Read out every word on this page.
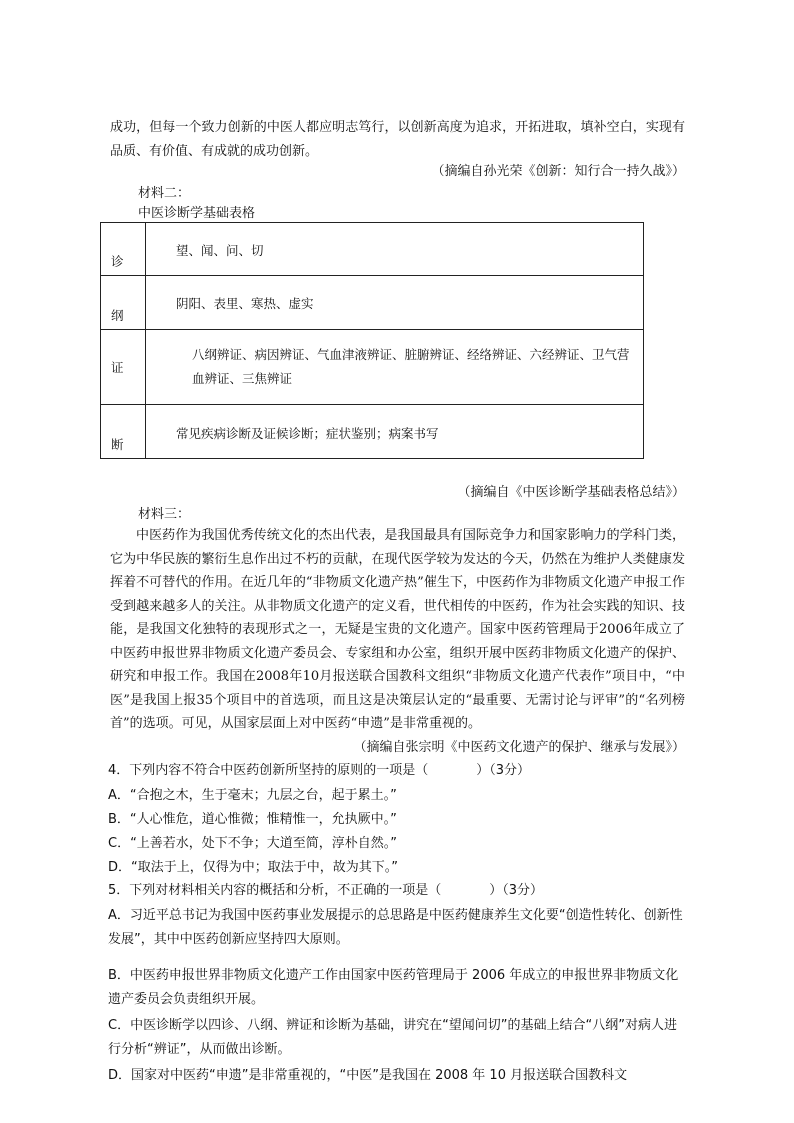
成功，但每一个致力创新的中医人都应明志笃行，以创新高度为追求，开拓进取，填补空白，实现有品质、有价值、有成就的成功创新。

（摘编自孙光荣《创新：知行合一持久战》）

材料二：

中医诊断学基础表格

诊	望、闻、问、切

纲	阴阳、表里、寒热、虚实

证	八纲辨证、病因辨证、气血津液辨证、脏腑辨证、经络辨证、六经辨证、卫气营血辨证、三焦辨证

断	常见疾病诊断及证候诊断；症状鉴别；病案书写

（摘编自《中医诊断学基础表格总结》）

材料三：

中医药作为我国优秀传统文化的杰出代表，是我国最具有国际竞争力和国家影响力的学科门类，它为中华民族的繁衍生息作出过不朽的贡献，在现代医学较为发达的今天，仍然在为维护人类健康发挥着不可替代的作用。在近几年的“非物质文化遗产热”催生下，中医药作为非物质文化遗产申报工作受到越来越多人的关注。从非物质文化遗产的定义看，世代相传的中医药，作为社会实践的知识、技能，是我国文化独特的表现形式之一，无疑是宝贵的文化遗产。国家中医药管理局于2006年成立了中医药申报世界非物质文化遗产委员会、专家组和办公室，组织开展中医药非物质文化遗产的保护、研究和申报工作。我国在2008年10月报送联合国教科文组织“非物质文化遗产代表作”项目中，“中医”是我国上报35个项目中的首选项，而且这是决策层认定的“最重要、无需讨论与评审”的“名列榜首”的选项。可见，从国家层面上对中医药“申遗”是非常重视的。

（摘编自张宗明《中医药文化遗产的保护、继承与发展》）

4．下列内容不符合中医药创新所坚持的原则的一项是（	）（3分）

A．“合抱之木，生于毫末；九层之台，起于累土。”

B．“人心惟危，道心惟微；惟精惟一，允执厥中。”

C．“上善若水，处下不争；大道至简，淳朴自然。”

D．“取法于上，仅得为中；取法于中，故为其下。”

5．下列对材料相关内容的概括和分析，不正确的一项是（	）（3分）

A．习近平总书记为我国中医药事业发展提示的总思路是中医药健康养生文化要“创造性转化、创新性发展”，其中中医药创新应坚持四大原则。

B．中医药申报世界非物质文化遗产工作由国家中医药管理局于 2006 年成立的申报世界非物质文化遗产委员会负责组织开展。

C．中医诊断学以四诊、八纲、辨证和诊断为基础，讲究在“望闻问切”的基础上结合“八纲”对病人进行分析“辨证”，从而做出诊断。

D．国家对中医药“申遗”是非常重视的，“中医”是我国在 2008 年 10 月报送联合国教科文
